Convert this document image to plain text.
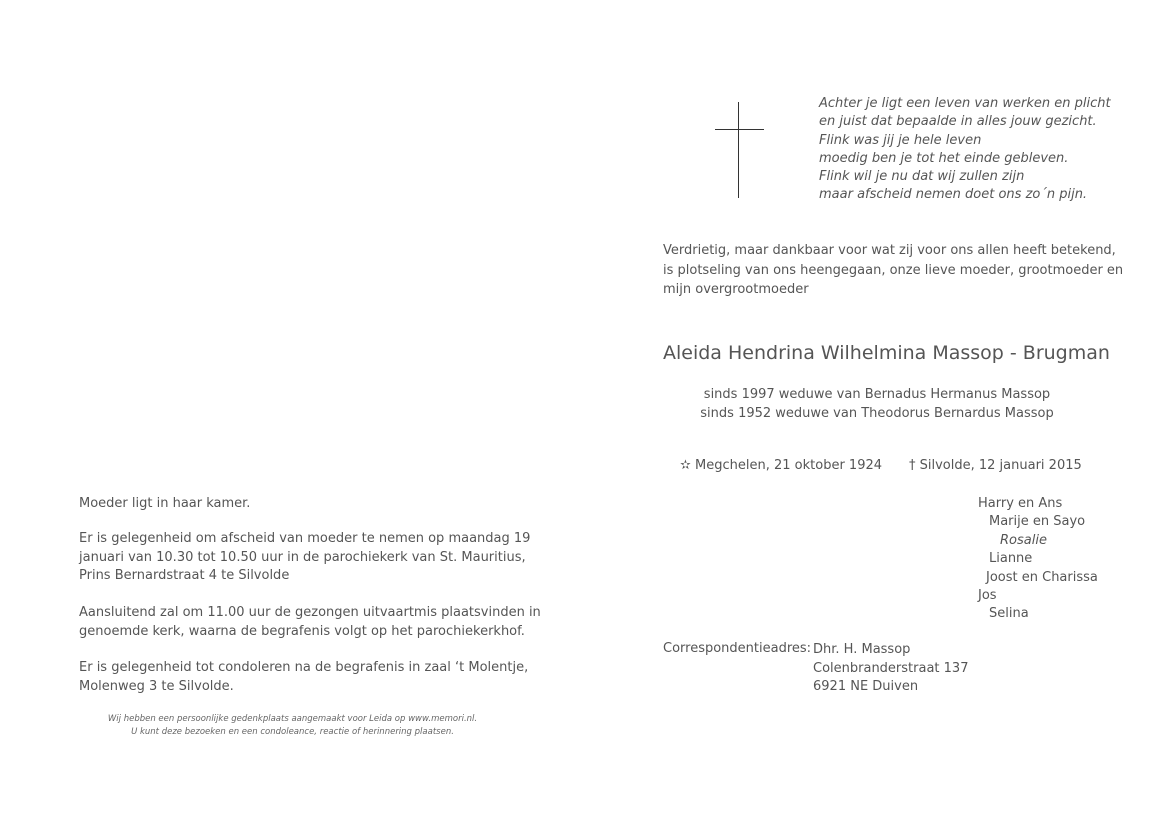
Achter je ligt een leven van werken en plicht
en juist dat bepaalde in alles jouw gezicht.
Flink was jij je hele leven
moedig ben je tot het einde gebleven.
Flink wil je nu dat wij zullen zijn
maar afscheid nemen doet ons zo´n pijn.
Verdrietig, maar dankbaar voor wat zij voor ons allen heeft betekend,
is plotseling van ons heengegaan, onze lieve moeder, grootmoeder en
mijn overgrootmoeder
Aleida Hendrina Wilhelmina Massop - Brugman
sinds 1997 weduwe van Bernadus Hermanus Massop
sinds 1952 weduwe van Theodorus Bernardus Massop
✫ Megchelen, 21 oktober 1924 † Silvolde, 12 januari 2015
Harry en Ans
Marije en Sayo
Rosalie
Lianne
Joost en Charissa
Jos
Selina
Correspondentieadres: Dhr. H. Massop
Colenbranderstraat 137
6921 NE Duiven
Moeder ligt in haar kamer.
Er is gelegenheid om afscheid van moeder te nemen op maandag 19
januari van 10.30 tot 10.50 uur in de parochiekerk van St. Mauritius,
Prins Bernardstraat 4 te Silvolde
Aansluitend zal om 11.00 uur de gezongen uitvaartmis plaatsvinden in
genoemde kerk, waarna de begrafenis volgt op het parochiekerkhof.
Er is gelegenheid tot condoleren na de begrafenis in zaal ‘t Molentje,
Molenweg 3 te Silvolde.
Wij hebben een persoonlijke gedenkplaats aangemaakt voor Leida op www.memori.nl.
U kunt deze bezoeken en een condoleance, reactie of herinnering plaatsen.
